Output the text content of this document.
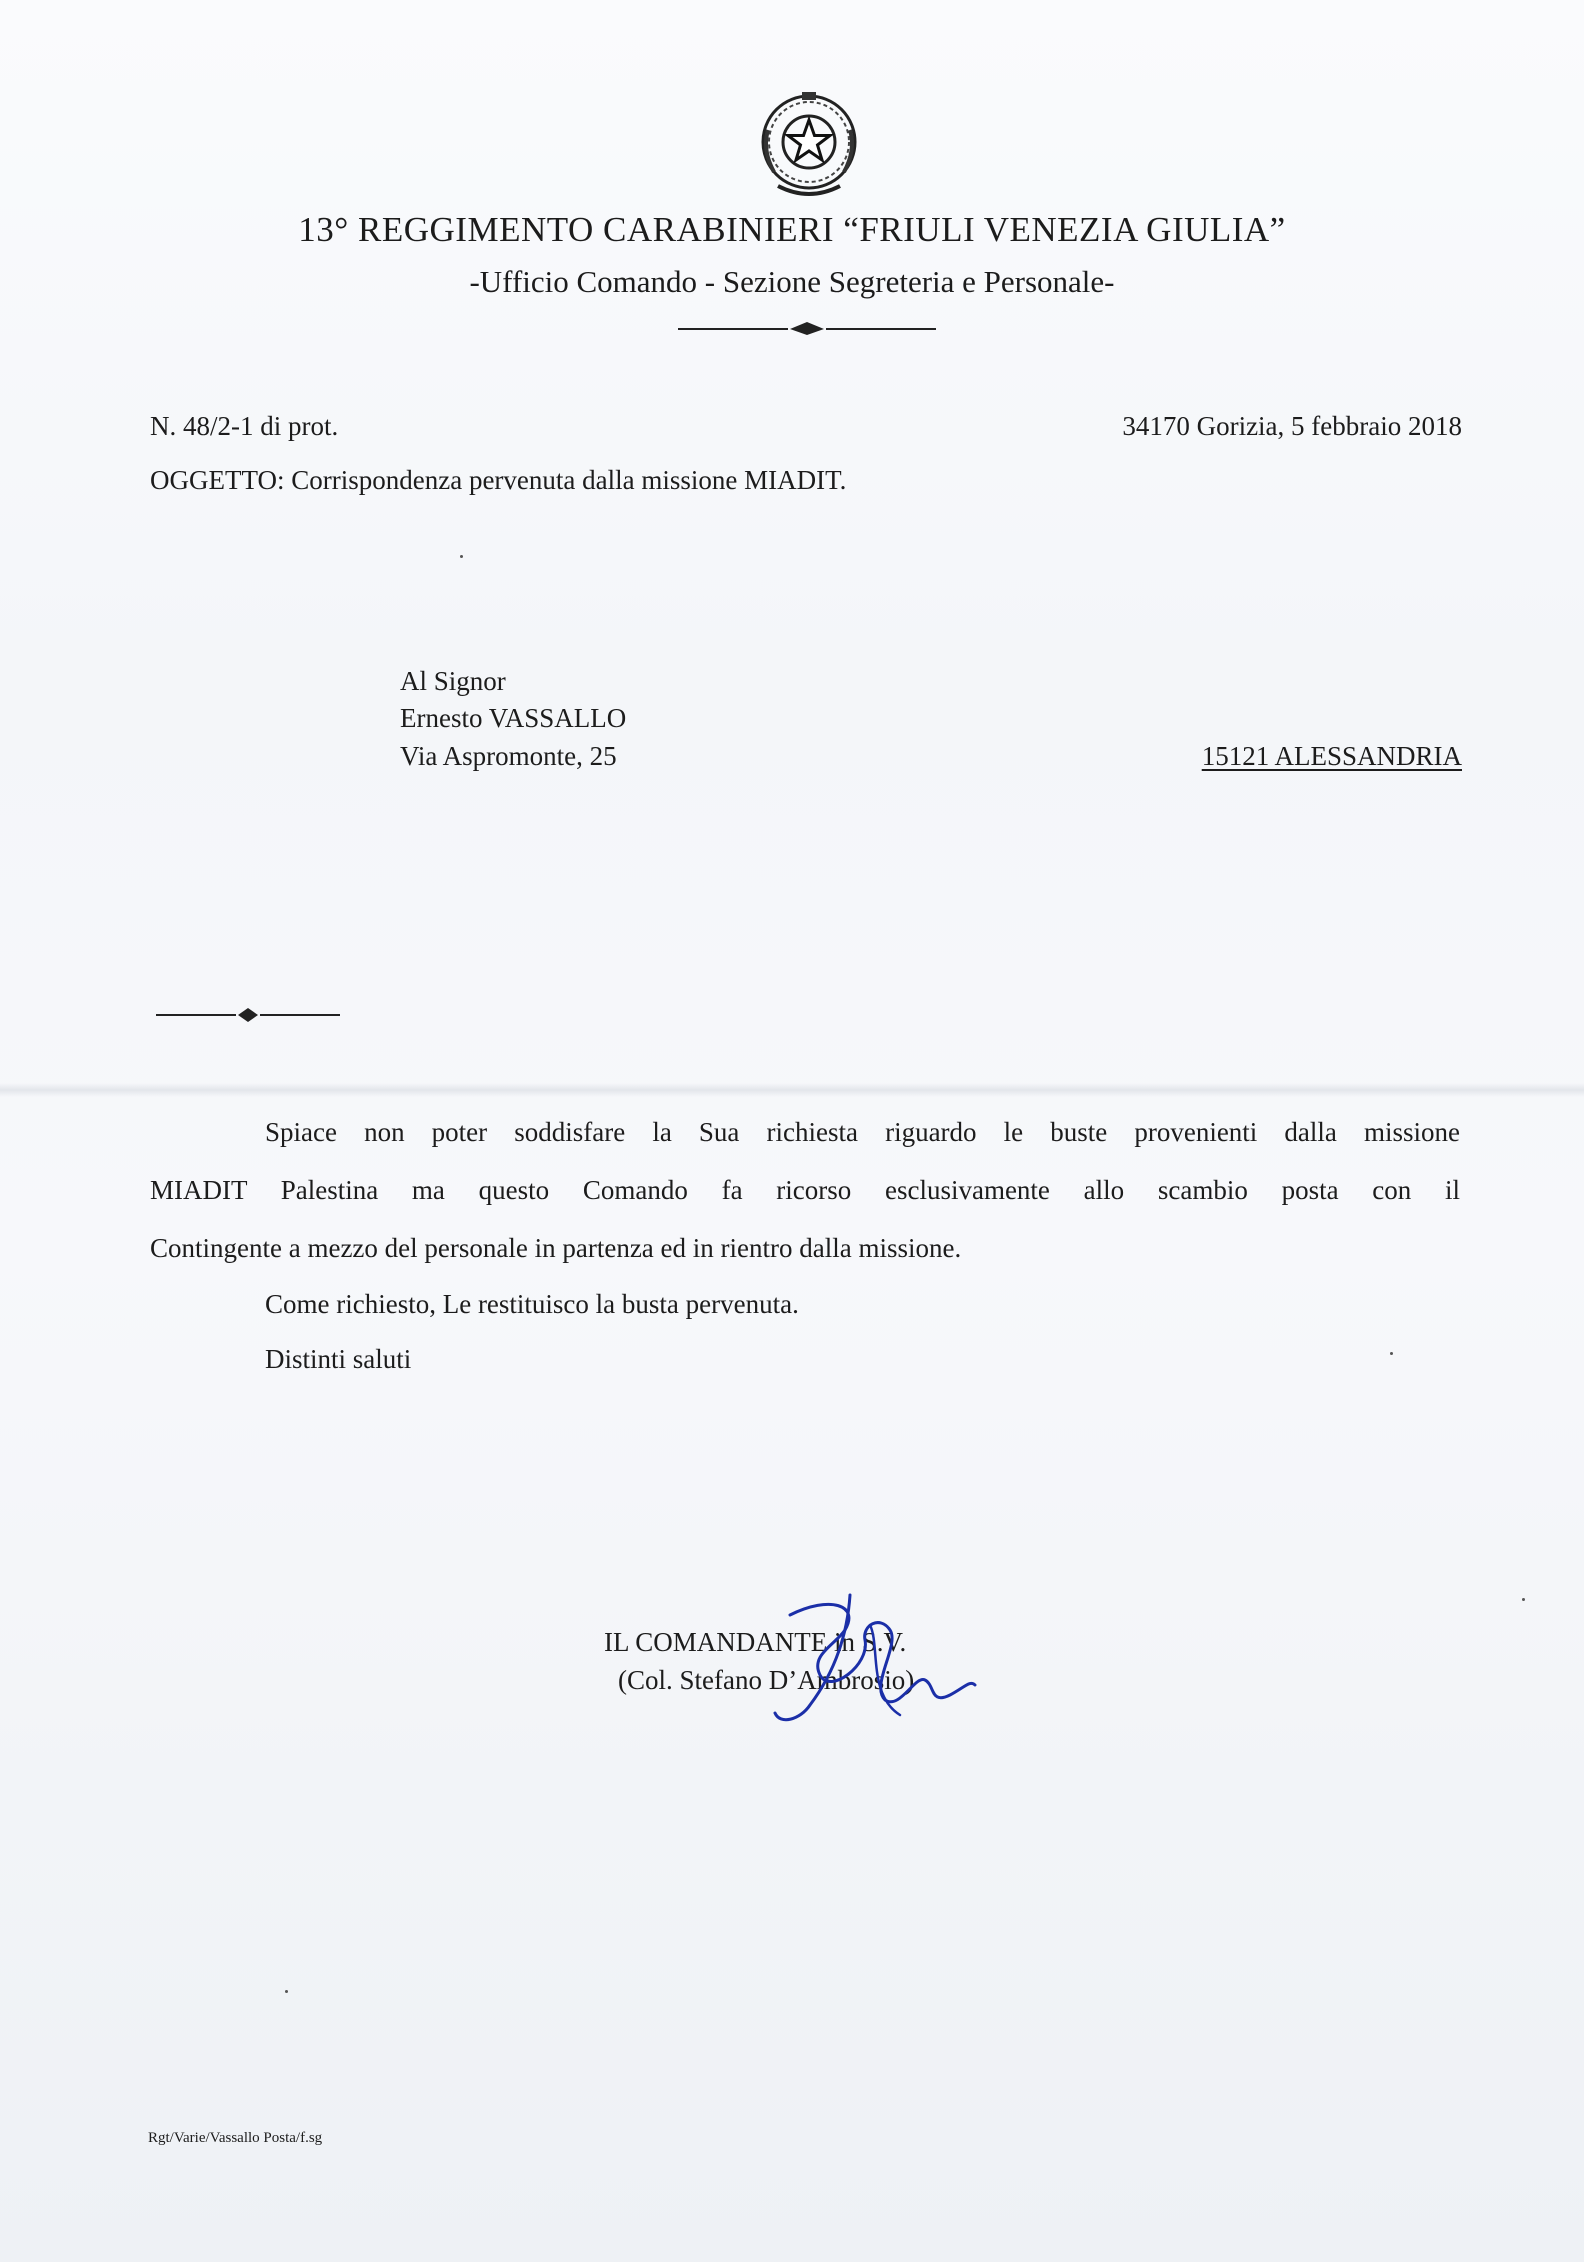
13° REGGIMENTO CARABINIERI “FRIULI VENEZIA GIULIA”
-Ufficio Comando - Sezione Segreteria e Personale-
N. 48/2-1 di prot.	34170 Gorizia, 5 febbraio 2018
OGGETTO: Corrispondenza pervenuta dalla missione MIADIT.
Al Signor
Ernesto VASSALLO
Via Aspromonte, 25	15121 ALESSANDRIA
Spiace non poter soddisfare la Sua richiesta riguardo le buste provenienti dalla missione
MIADIT Palestina ma questo Comando fa ricorso esclusivamente allo scambio posta con il
Contingente a mezzo del personale in partenza ed in rientro dalla missione.
Come richiesto, Le restituisco la busta pervenuta.
Distinti saluti
IL COMANDANTE in S.V.
(Col. Stefano D’Ambrosio)
Rgt/Varie/Vassallo Posta/f.sg
